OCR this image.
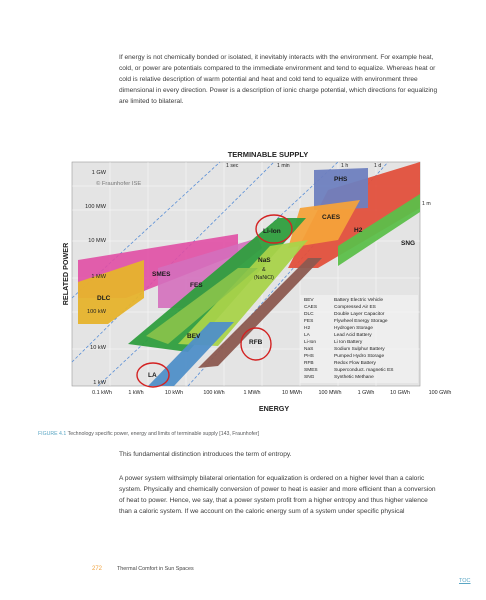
If energy is not chemically bonded or isolated, it inevitably interacts with the environment. For example heat, cold, or power are potentials compared to the immediate environment and tend to equalize. Whereas heat or cold is relative description of warm potential and heat and cold tend to equalize with environment three dimensional in every direction. Power is a description of ionic charge potential, which directions for equalizing are limited to bilateral.
PHS
CAES
H2
SNG
Li-Ion
NaS
SMES
FES
DLC
BEV
RFB
LA
&
(NaNiCl)
© Fraunhofer ISE
TERMINABLE SUPPLY
1 sec	1 min	1 h	1 d
1 m
1 GW
100 MW
10 MW
1 MW
100 kW
10 kW
1 kW
RELATED POWER
0.1 kWh	1 kWh	10 kWh	100 kWh	1 MWh	10 MWh	100 MWh	1 GWh	10 GWh	100 GWh
ENERGY
BEV	Battery Electric Vehicle
CAES	Compressed Air ES
DLC	Double Layer Capacitor
FES	Flywheel Energy Storage
H2	Hydrogen Storage
LA	Lead Acid Battery
Li-Ion	Li Ion Battery
NaS	Sodium Sulphur Battery
PHS	Pumped Hydro Storage
RFB	Redox Flow Battery
SMES	Superconduct. magnetic ES
SNG	Synthetic Methane
FIGURE 4.1 Technology specific power, energy and limits of terminable supply [143, Fraunhofer]
This fundamental distinction introduces the term of entropy.
A power system withsimply bilateral orientation for equalization is ordered on a higher level than a caloric system. Physically and chemically conversion of power to heat is easier and more efficient than a conversion of heat to power. Hence, we say, that a power system profit from a higher entropy and thus higher valence than a caloric system. If we account on the caloric energy sum of a system under specific physical
272	Thermal Comfort in Sun Spaces
TOC
